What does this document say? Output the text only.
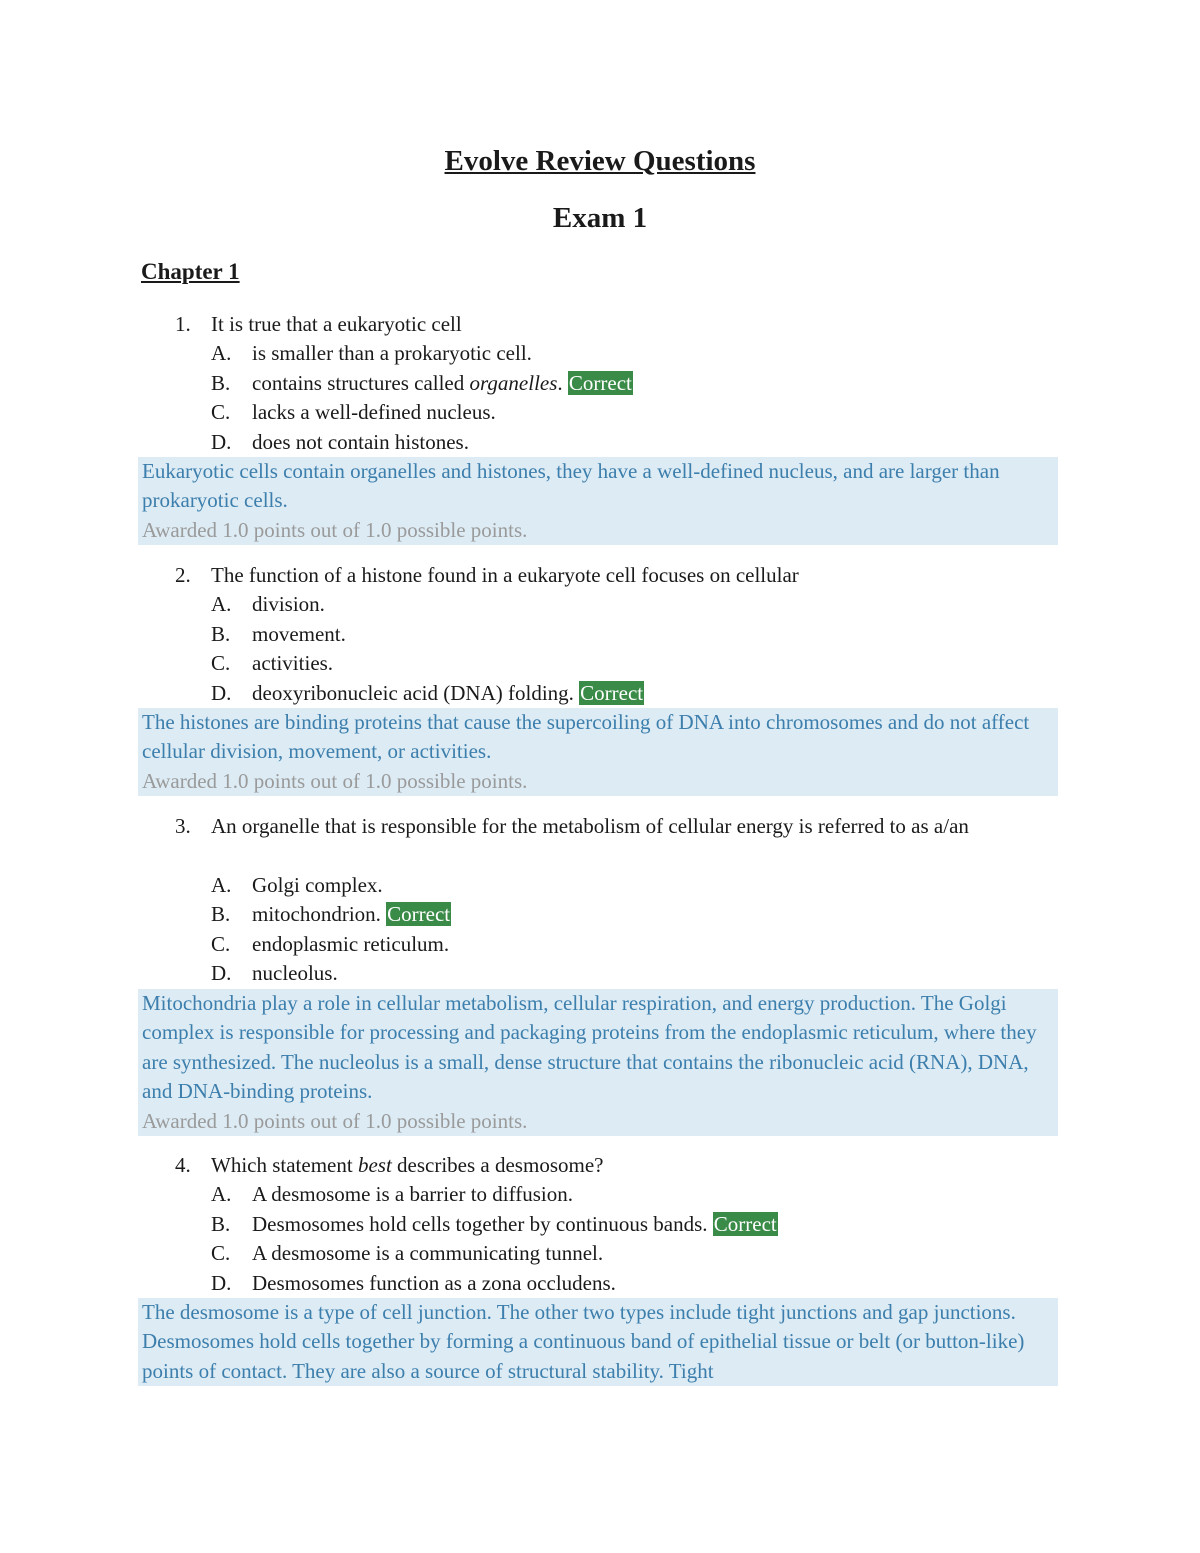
Evolve Review Questions
Exam 1
Chapter 1
1. It is true that a eukaryotic cell
A. is smaller than a prokaryotic cell.
B. contains structures called organelles. Correct
C. lacks a well-defined nucleus.
D. does not contain histones.
Eukaryotic cells contain organelles and histones, they have a well-defined nucleus, and are larger than prokaryotic cells.
Awarded 1.0 points out of 1.0 possible points.
2. The function of a histone found in a eukaryote cell focuses on cellular
A. division.
B. movement.
C. activities.
D. deoxyribonucleic acid (DNA) folding. Correct
The histones are binding proteins that cause the supercoiling of DNA into chromosomes and do not affect cellular division, movement, or activities.
Awarded 1.0 points out of 1.0 possible points.
3. An organelle that is responsible for the metabolism of cellular energy is referred to as a/an
A. Golgi complex.
B. mitochondrion. Correct
C. endoplasmic reticulum.
D. nucleolus.
Mitochondria play a role in cellular metabolism, cellular respiration, and energy production. The Golgi complex is responsible for processing and packaging proteins from the endoplasmic reticulum, where they are synthesized. The nucleolus is a small, dense structure that contains the ribonucleic acid (RNA), DNA, and DNA-binding proteins.
Awarded 1.0 points out of 1.0 possible points.
4. Which statement best describes a desmosome?
A. A desmosome is a barrier to diffusion.
B. Desmosomes hold cells together by continuous bands. Correct
C. A desmosome is a communicating tunnel.
D. Desmosomes function as a zona occludens.
The desmosome is a type of cell junction. The other two types include tight junctions and gap junctions. Desmosomes hold cells together by forming a continuous band of epithelial tissue or belt (or button-like) points of contact. They are also a source of structural stability. Tight
